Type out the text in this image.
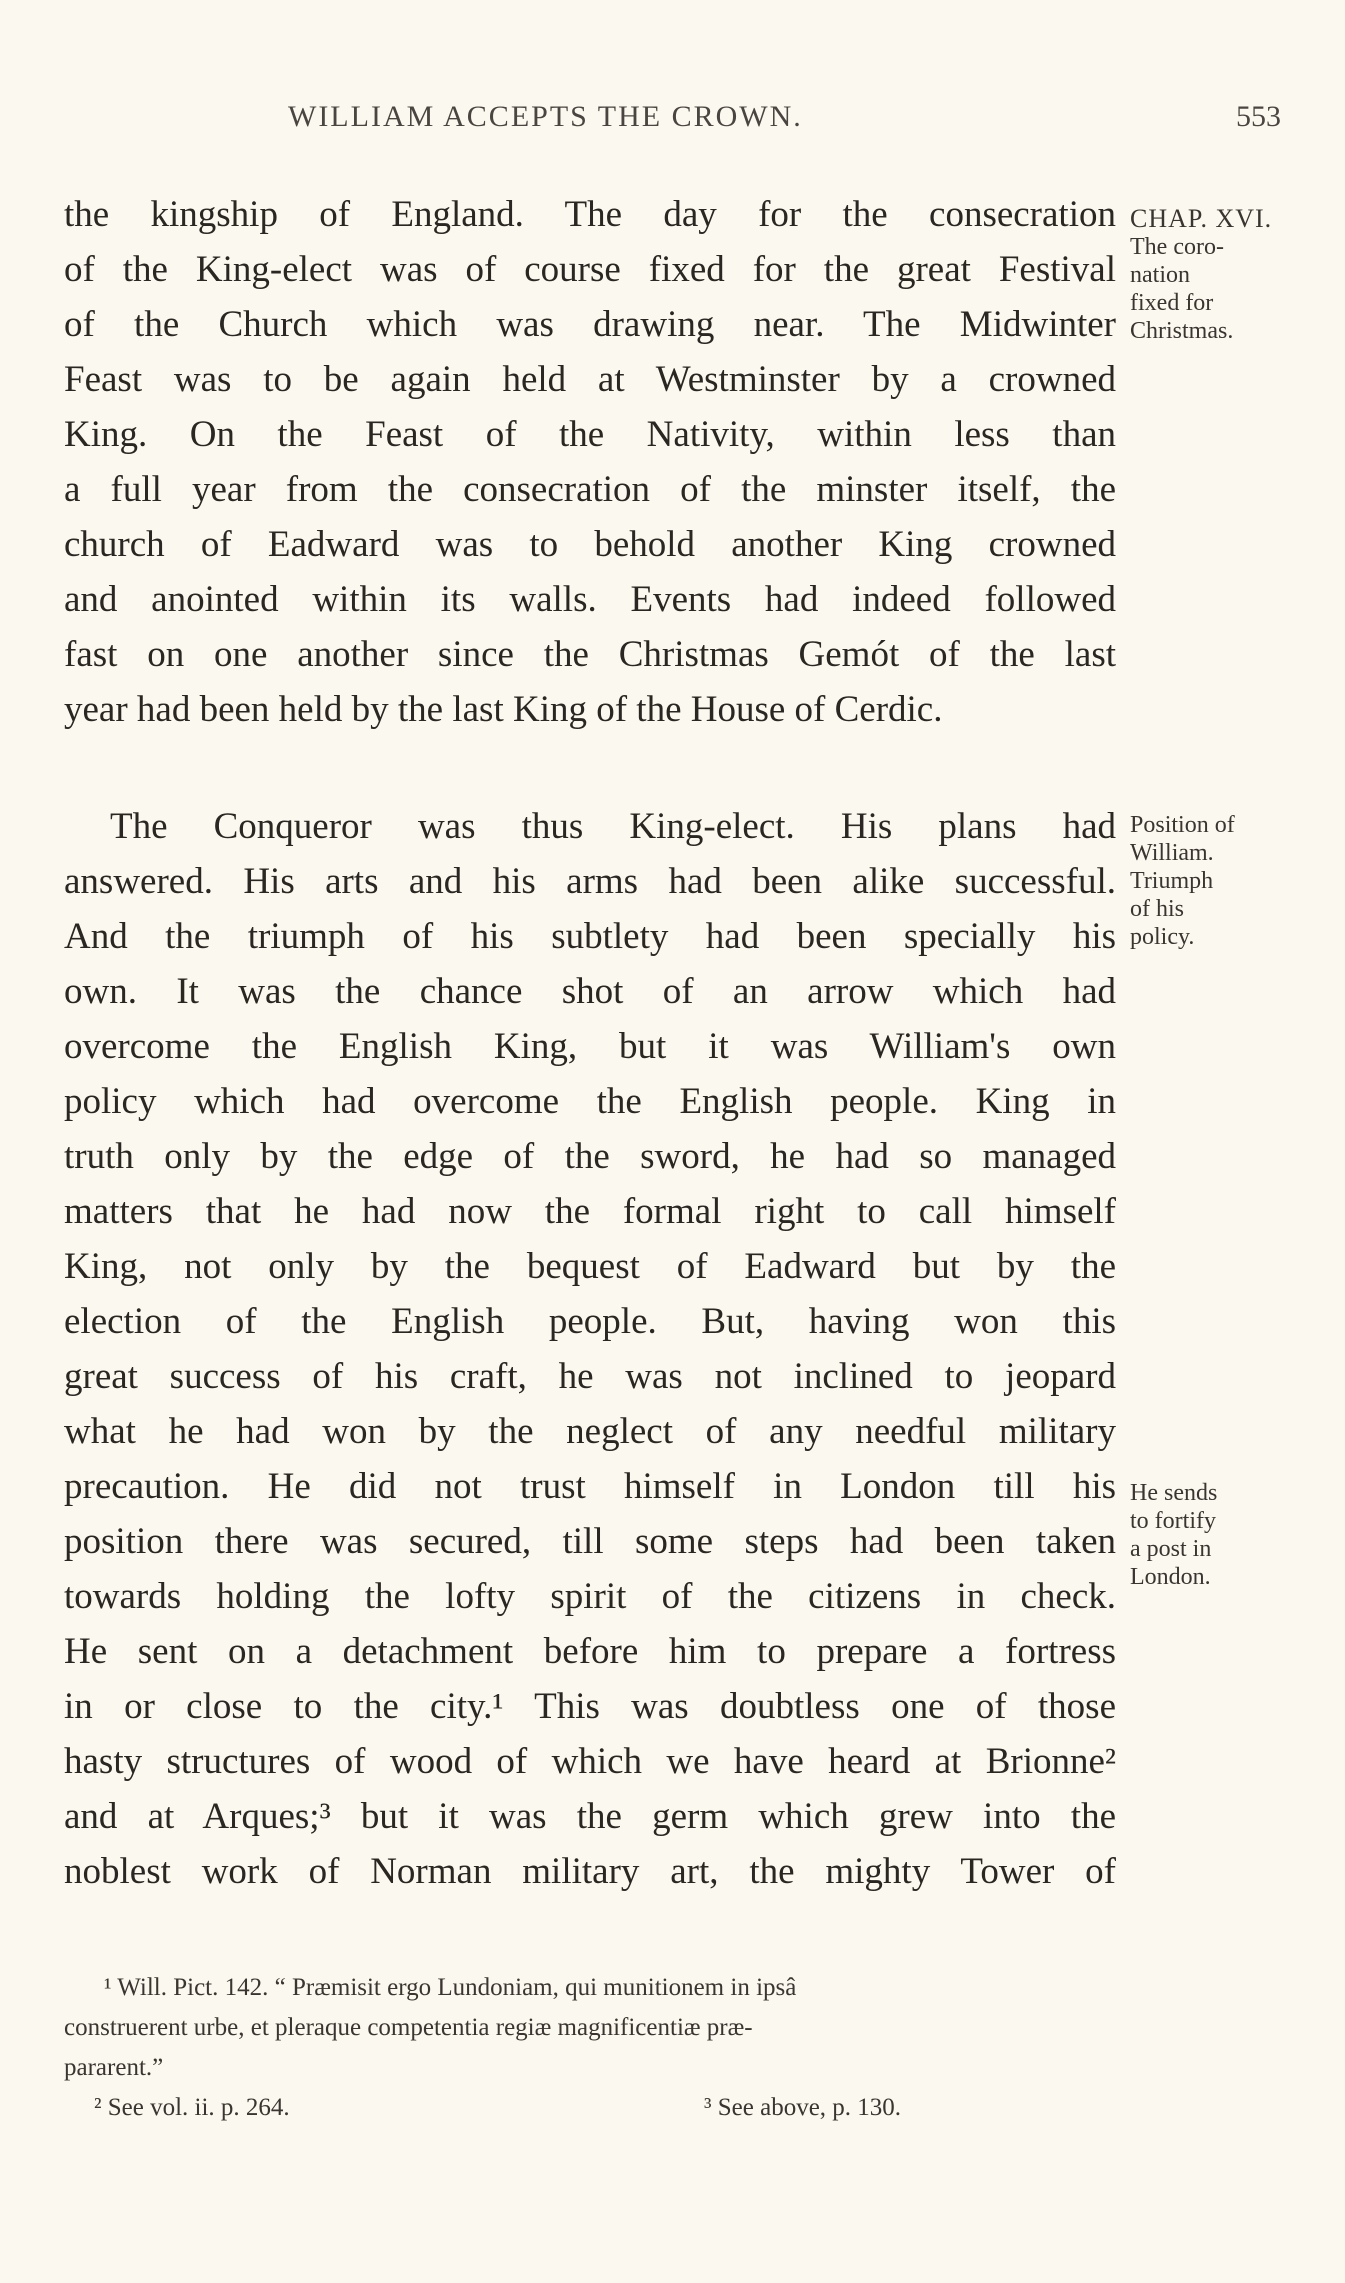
WILLIAM ACCEPTS THE CROWN.	553
the kingship of England. The day for the consecration
of the King-elect was of course fixed for the great Festival
of the Church which was drawing near. The Midwinter
Feast was to be again held at Westminster by a crowned
King. On the Feast of the Nativity, within less than
a full year from the consecration of the minster itself, the
church of Eadward was to behold another King crowned
and anointed within its walls. Events had indeed followed
fast on one another since the Christmas Gemót of the last
year had been held by the last King of the House of Cerdic.
The Conqueror was thus King-elect. His plans had
answered. His arts and his arms had been alike successful.
And the triumph of his subtlety had been specially his
own. It was the chance shot of an arrow which had
overcome the English King, but it was William's own
policy which had overcome the English people. King in
truth only by the edge of the sword, he had so managed
matters that he had now the formal right to call himself
King, not only by the bequest of Eadward but by the
election of the English people. But, having won this
great success of his craft, he was not inclined to jeopard
what he had won by the neglect of any needful military
precaution. He did not trust himself in London till his
position there was secured, till some steps had been taken
towards holding the lofty spirit of the citizens in check.
He sent on a detachment before him to prepare a fortress
in or close to the city.¹ This was doubtless one of those
hasty structures of wood of which we have heard at Brionne²
and at Arques;³ but it was the germ which grew into the
noblest work of Norman military art, the mighty Tower of
CHAP. XVI.
The coro-
nation
fixed for
Christmas.
Position of
William.
Triumph
of his
policy.
He sends
to fortify
a post in
London.
¹ Will. Pict. 142. “ Præmisit ergo Lundoniam, qui munitionem in ipsâ
construerent urbe, et pleraque competentia regiæ magnificentiæ præ-
pararent.”
² See vol. ii. p. 264.	³ See above, p. 130.
